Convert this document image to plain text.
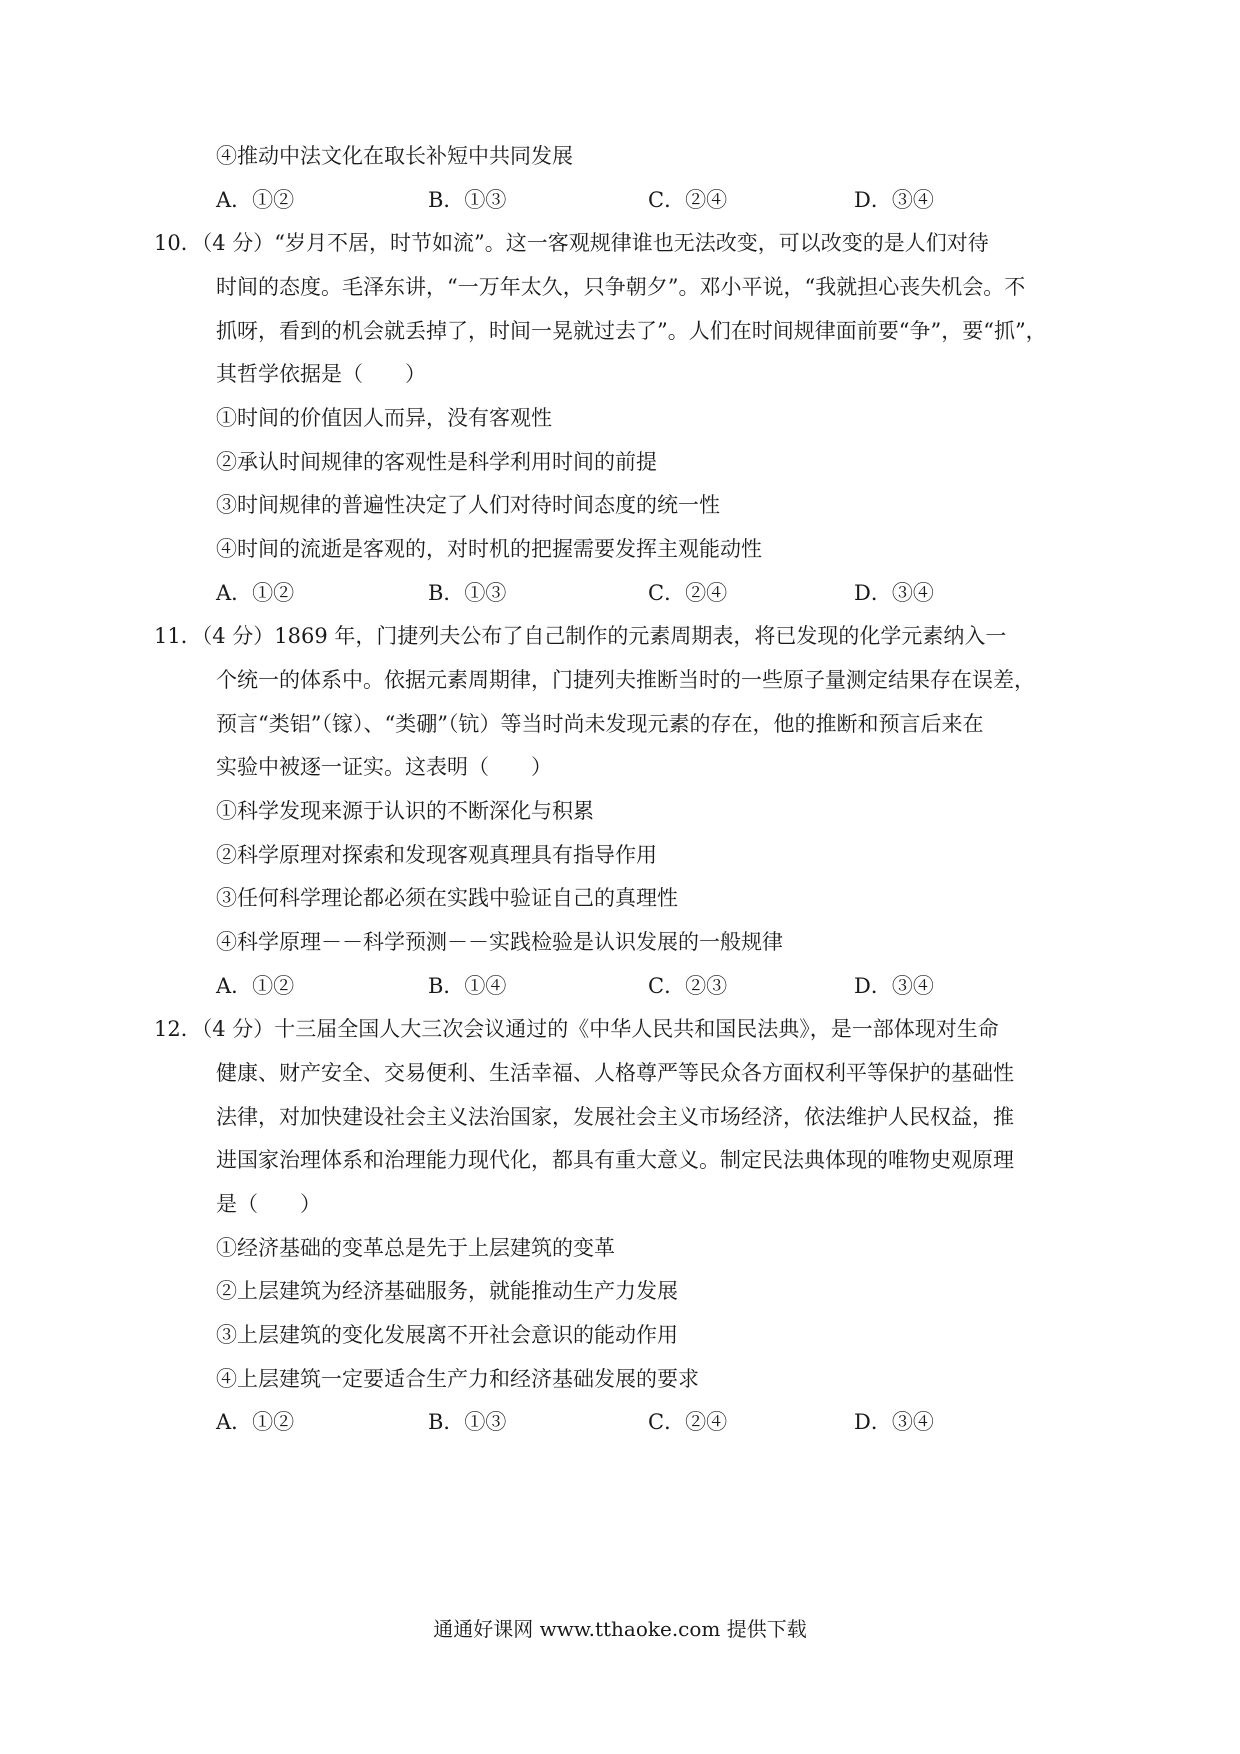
④推动中法文化在取长补短中共同发展
A．①②	B．①③	C．②④	D．③④
10．（4 分）“岁月不居，时节如流”。这一客观规律谁也无法改变，可以改变的是人们对待
时间的态度。毛泽东讲，“一万年太久，只争朝夕”。邓小平说，“我就担心丧失机会。不
抓呀，看到的机会就丢掉了，时间一晃就过去了”。人们在时间规律面前要“争”，要“抓”，
其哲学依据是（　　）
①时间的价值因人而异，没有客观性
②承认时间规律的客观性是科学利用时间的前提
③时间规律的普遍性决定了人们对待时间态度的统一性
④时间的流逝是客观的，对时机的把握需要发挥主观能动性
A．①②	B．①③	C．②④	D．③④
11．（4 分）1869 年，门捷列夫公布了自己制作的元素周期表，将已发现的化学元素纳入一
个统一的体系中。依据元素周期律，门捷列夫推断当时的一些原子量测定结果存在误差，
预言“类铝”（镓）、“类硼”（钪）等当时尚未发现元素的存在，他的推断和预言后来在
实验中被逐一证实。这表明（　　）
①科学发现来源于认识的不断深化与积累
②科学原理对探索和发现客观真理具有指导作用
③任何科学理论都必须在实践中验证自己的真理性
④科学原理－－科学预测－－实践检验是认识发展的一般规律
A．①②	B．①④	C．②③	D．③④
12．（4 分）十三届全国人大三次会议通过的《中华人民共和国民法典》，是一部体现对生命
健康、财产安全、交易便利、生活幸福、人格尊严等民众各方面权利平等保护的基础性
法律，对加快建设社会主义法治国家，发展社会主义市场经济，依法维护人民权益，推
进国家治理体系和治理能力现代化，都具有重大意义。制定民法典体现的唯物史观原理
是（　　）
①经济基础的变革总是先于上层建筑的变革
②上层建筑为经济基础服务，就能推动生产力发展
③上层建筑的变化发展离不开社会意识的能动作用
④上层建筑一定要适合生产力和经济基础发展的要求
A．①②	B．①③	C．②④	D．③④
通通好课网 www.tthaoke.com 提供下载
